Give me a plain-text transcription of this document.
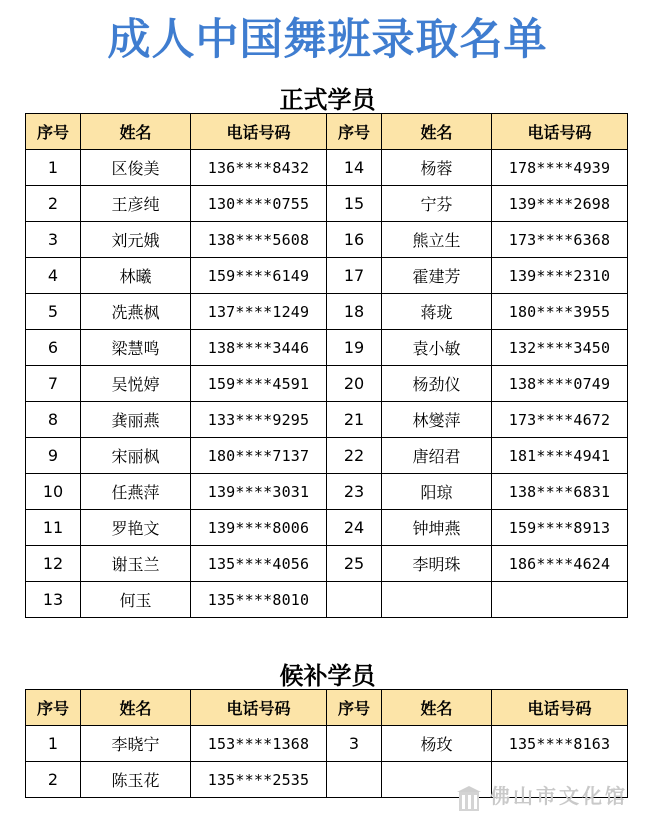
成人中国舞班录取名单
正式学员
序号	姓名	电话号码	序号	姓名	电话号码
1	区俊美	136****8432	14	杨蓉	178****4939
2	王彦纯	130****0755	15	宁芬	139****2698
3	刘元娥	138****5608	16	熊立生	173****6368
4	林曦	159****6149	17	霍建芳	139****2310
5	冼燕枫	137****1249	18	蒋珑	180****3955
6	梁慧鸣	138****3446	19	袁小敏	132****3450
7	吴悦婷	159****4591	20	杨劲仪	138****0749
8	龚丽燕	133****9295	21	林燮萍	173****4672
9	宋丽枫	180****7137	22	唐绍君	181****4941
10	任燕萍	139****3031	23	阳琼	138****6831
11	罗艳文	139****8006	24	钟坤燕	159****8913
12	谢玉兰	135****4056	25	李明珠	186****4624
13	何玉	135****8010			
候补学员
序号	姓名	电话号码	序号	姓名	电话号码
1	李晓宁	153****1368	3	杨玫	135****8163
2	陈玉花	135****2535			
佛山市文化馆
